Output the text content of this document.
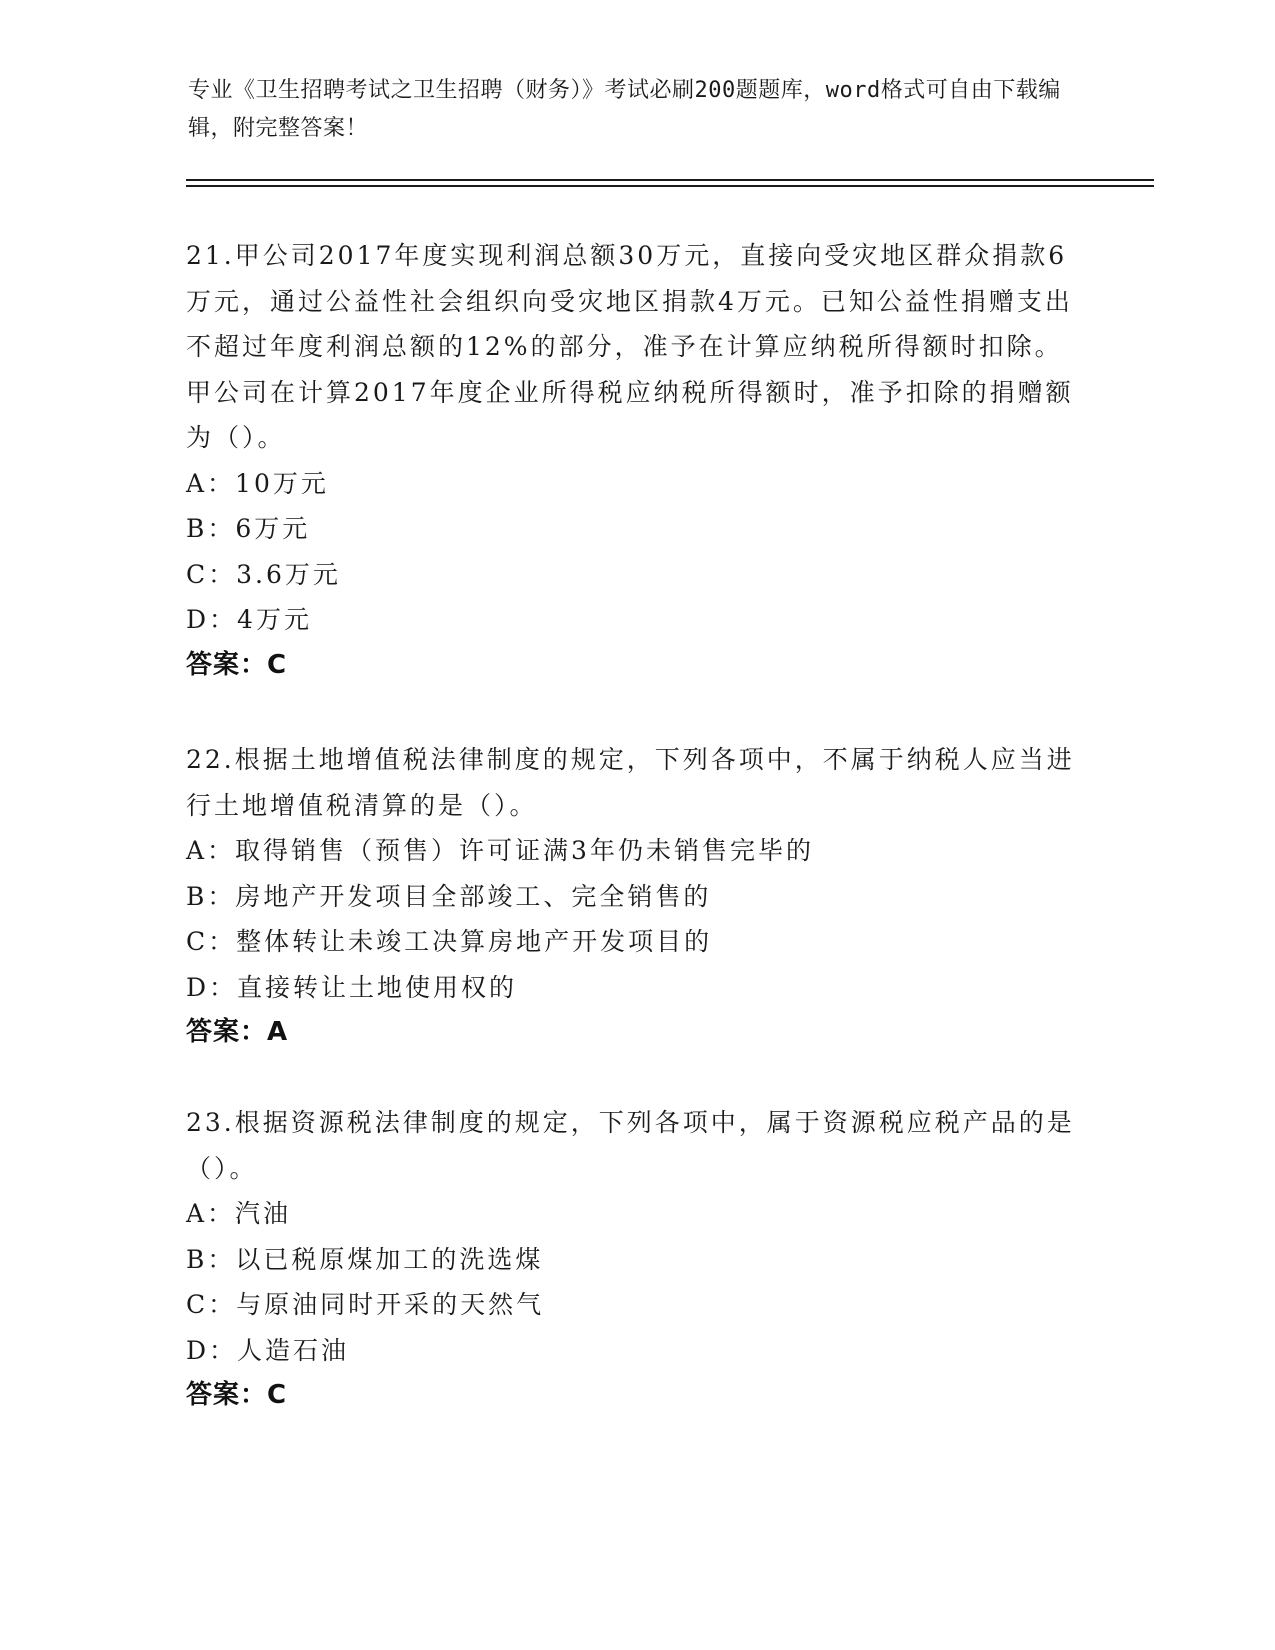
专业《卫生招聘考试之卫生招聘（财务）》考试必刷200题题库，word格式可自由下载编辑，附完整答案！
21.甲公司2017年度实现利润总额30万元，直接向受灾地区群众捐款6万元，通过公益性社会组织向受灾地区捐款4万元。已知公益性捐赠支出不超过年度利润总额的12%的部分，准予在计算应纳税所得额时扣除。甲公司在计算2017年度企业所得税应纳税所得额时，准予扣除的捐赠额为（）。
A：10万元
B：6万元
C：3.6万元
D：4万元
答案：C
22.根据土地增值税法律制度的规定，下列各项中，不属于纳税人应当进行土地增值税清算的是（）。
A：取得销售（预售）许可证满3年仍未销售完毕的
B：房地产开发项目全部竣工、完全销售的
C：整体转让未竣工决算房地产开发项目的
D：直接转让土地使用权的
答案：A
23.根据资源税法律制度的规定，下列各项中，属于资源税应税产品的是（）。
A：汽油
B：以已税原煤加工的洗选煤
C：与原油同时开采的天然气
D：人造石油
答案：C
